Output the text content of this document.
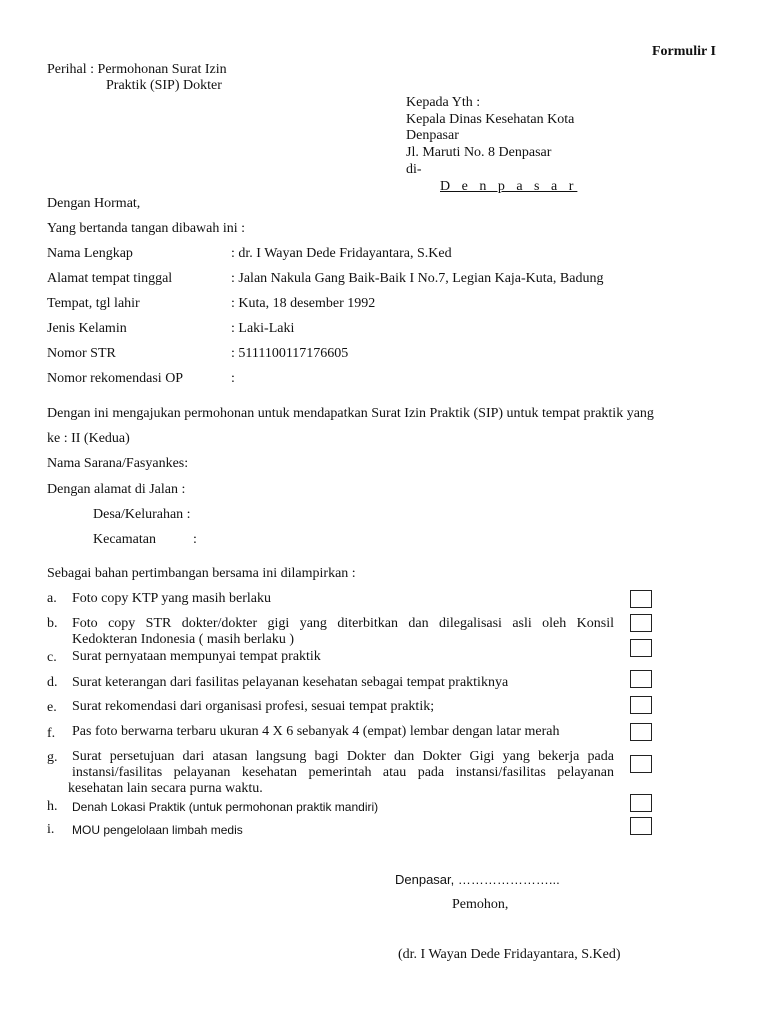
Formulir I
Perihal : Permohonan Surat Izin
Praktik (SIP) Dokter
Kepada Yth :
Kepala Dinas Kesehatan Kota
Denpasar
Jl. Maruti No. 8 Denpasar
di-
D e n p a s a r
Dengan Hormat,
Yang bertanda tangan dibawah ini :
Nama Lengkap	: dr. I Wayan Dede Fridayantara, S.Ked
Alamat tempat tinggal	: Jalan Nakula Gang Baik-Baik I No.7, Legian Kaja-Kuta, Badung
Tempat, tgl lahir	: Kuta, 18 desember 1992
Jenis Kelamin	: Laki-Laki
Nomor STR	: 5111100117176605
Nomor rekomendasi OP	:
Dengan ini mengajukan permohonan untuk mendapatkan Surat Izin Praktik (SIP) untuk tempat praktik yang
ke : II (Kedua)
Nama Sarana/Fasyankes:
Dengan alamat di Jalan :
Desa/Kelurahan :
Kecamatan	:
Sebagai bahan pertimbangan bersama ini dilampirkan :
a. Foto copy KTP yang masih berlaku
b. Foto copy STR dokter/dokter gigi yang diterbitkan dan dilegalisasi asli oleh Konsil
Kedokteran Indonesia ( masih berlaku )
c. Surat pernyataan mempunyai tempat praktik
d. Surat keterangan dari fasilitas pelayanan kesehatan sebagai tempat praktiknya
e. Surat rekomendasi dari organisasi profesi, sesuai tempat praktik;
f. Pas foto berwarna terbaru ukuran 4 X 6 sebanyak 4 (empat) lembar dengan latar merah
g. Surat persetujuan dari atasan langsung bagi Dokter dan Dokter Gigi yang bekerja pada
instansi/fasilitas pelayanan kesehatan pemerintah atau pada instansi/fasilitas pelayanan
kesehatan lain secara purna waktu.
h. Denah Lokasi Praktik (untuk permohonan praktik mandiri)
i. MOU pengelolaan limbah medis
Denpasar, …………………...
Pemohon,
(dr. I Wayan Dede Fridayantara, S.Ked)
